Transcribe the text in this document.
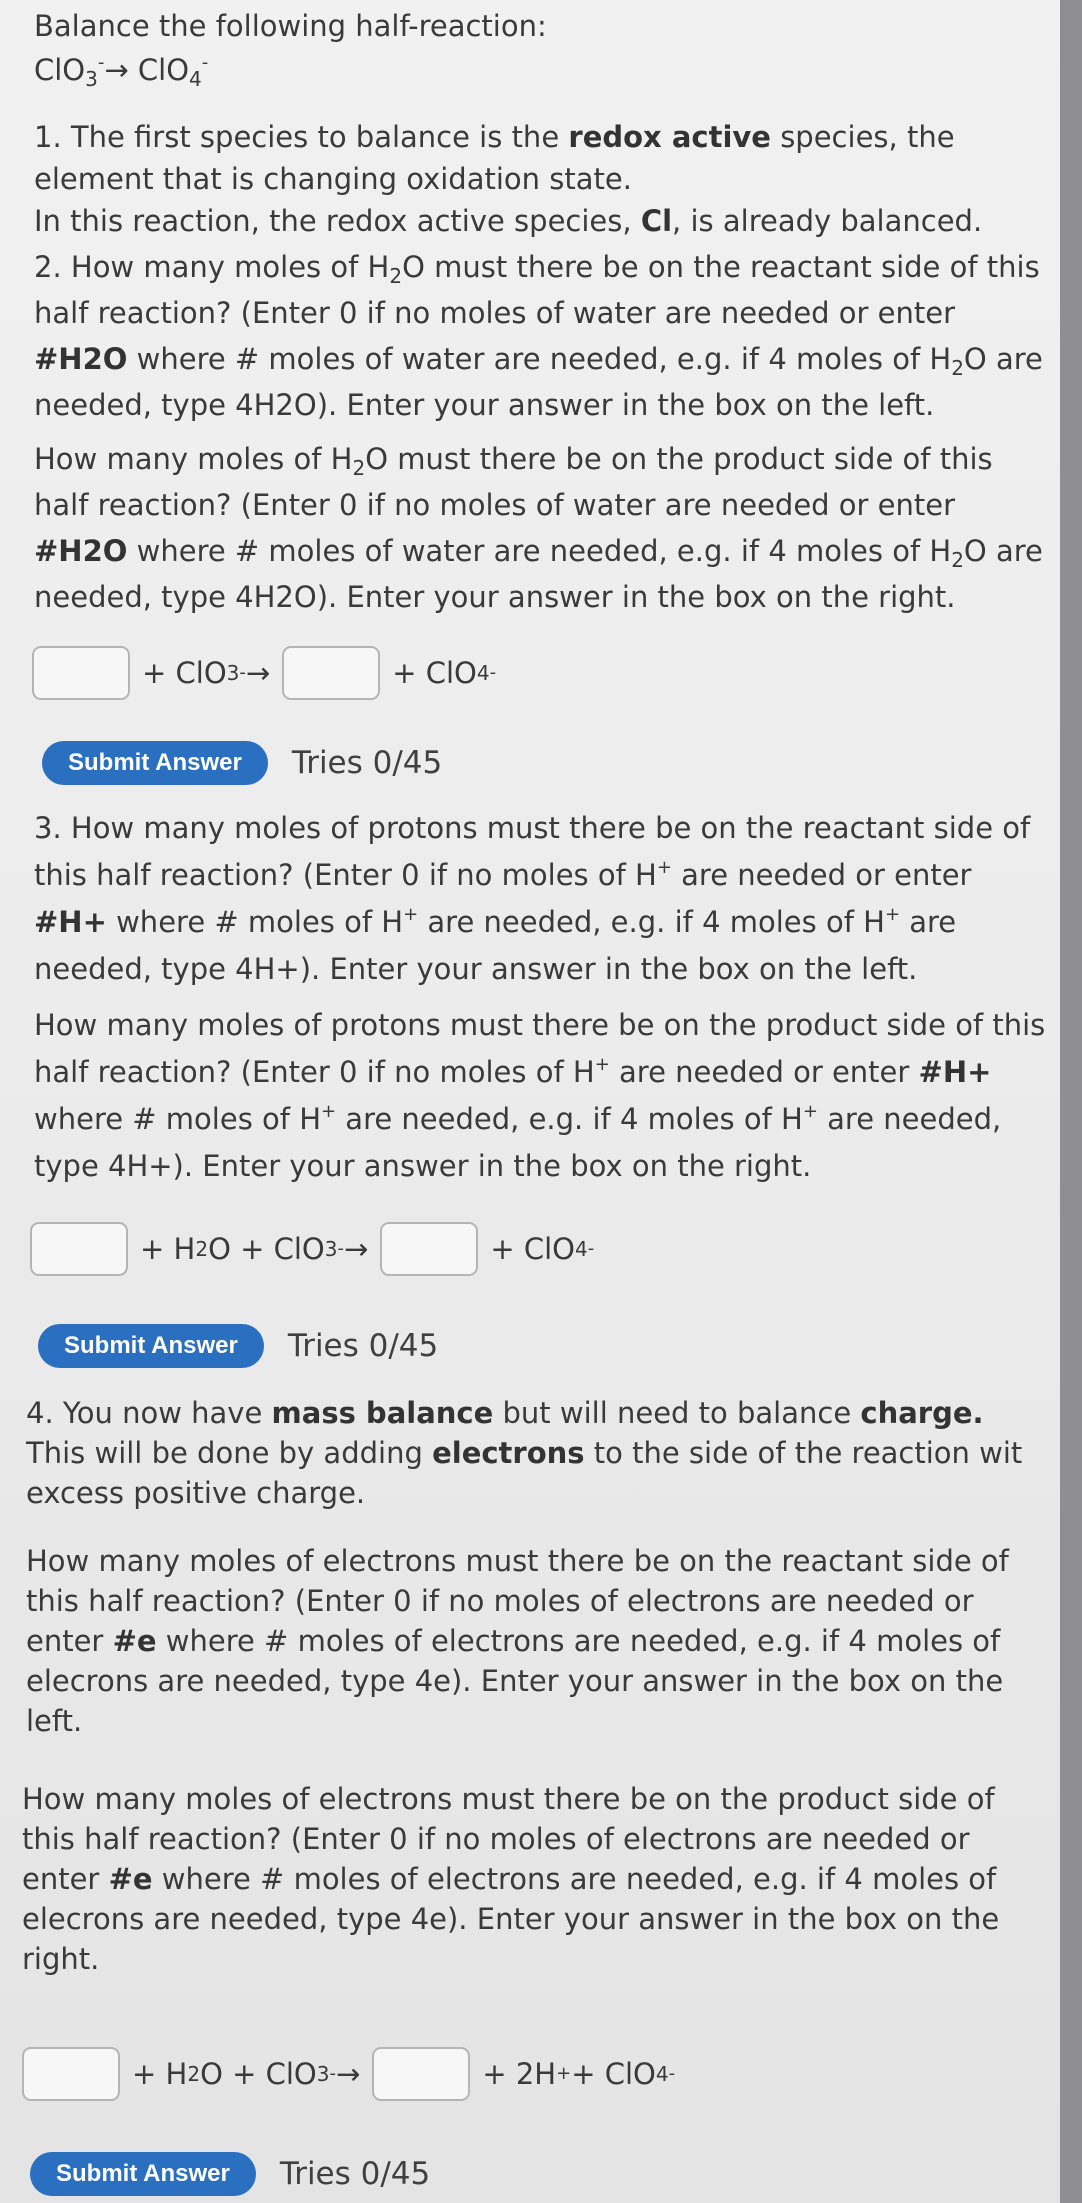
Balance the following half-reaction:
ClO$_3$-→ ClO$_4$-
1. The first species to balance is the redox active species, the
element that is changing oxidation state.
In this reaction, the redox active species, Cl, is already balanced.
2. How many moles of $H_2O$ must there be on the reactant side of this
half reaction? (Enter 0 if no moles of water are needed or enter
#H2O where # moles of water are needed, e.g. if 4 moles of $H_2O$ are
needed, type 4H2O). Enter your answer in the box on the left.
How many moles of $H_2O$ must there be on the product side of this
half reaction? (Enter 0 if no moles of water are needed or enter
#H2O where # moles of water are needed, e.g. if 4 moles of $H_2O$ are
needed, type 4H2O). Enter your answer in the box on the right.
+ ClO 3 - →	+ ClO 4 -
Submit Answer	Tries 0/45
3. How many moles of protons must there be on the reactant side of
this half reaction? (Enter 0 if no moles of H+ are needed or enter
#H+ where # moles of H+ are needed, e.g. if 4 moles of H+ are
needed, type 4H+). Enter your answer in the box on the left.
How many moles of protons must there be on the product side of this
half reaction? (Enter 0 if no moles of H+ are needed or enter #H+
where # moles of H+ are needed, e.g. if 4 moles of H+ are needed,
type 4H+). Enter your answer in the box on the right.
+ H 2 O + ClO 3 - →	+ ClO 4 -
Submit Answer	Tries 0/45
4. You now have mass balance but will need to balance charge.
This will be done by adding electrons to the side of the reaction wit
excess positive charge.
How many moles of electrons must there be on the reactant side of
this half reaction? (Enter 0 if no moles of electrons are needed or
enter #e where # moles of electrons are needed, e.g. if 4 moles of
elecrons are needed, type 4e). Enter your answer in the box on the
left.
How many moles of electrons must there be on the product side of
this half reaction? (Enter 0 if no moles of electrons are needed or
enter #e where # moles of electrons are needed, e.g. if 4 moles of
elecrons are needed, type 4e). Enter your answer in the box on the
right.
+ H 2 O + ClO 3 - →	+ 2H + + ClO 4 -
Submit Answer	Tries 0/45
